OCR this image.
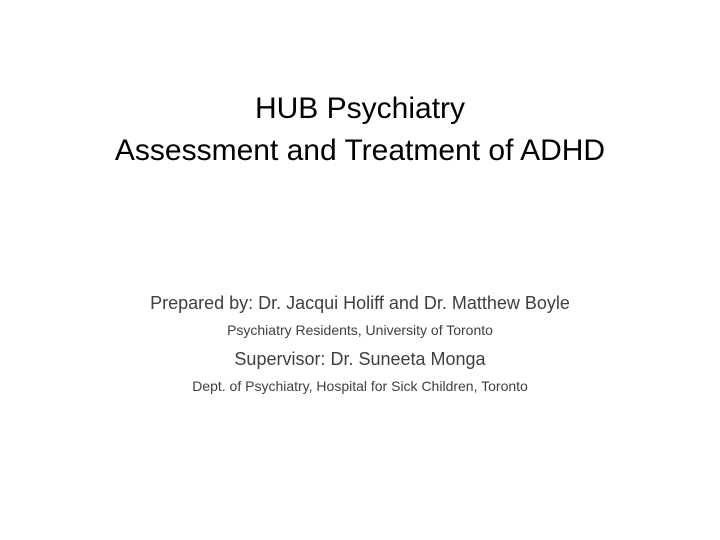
HUB Psychiatry
Assessment and Treatment of ADHD
Prepared by: Dr. Jacqui Holiff and Dr. Matthew Boyle
Psychiatry Residents, University of Toronto
Supervisor: Dr. Suneeta Monga
Dept. of Psychiatry, Hospital for Sick Children, Toronto
